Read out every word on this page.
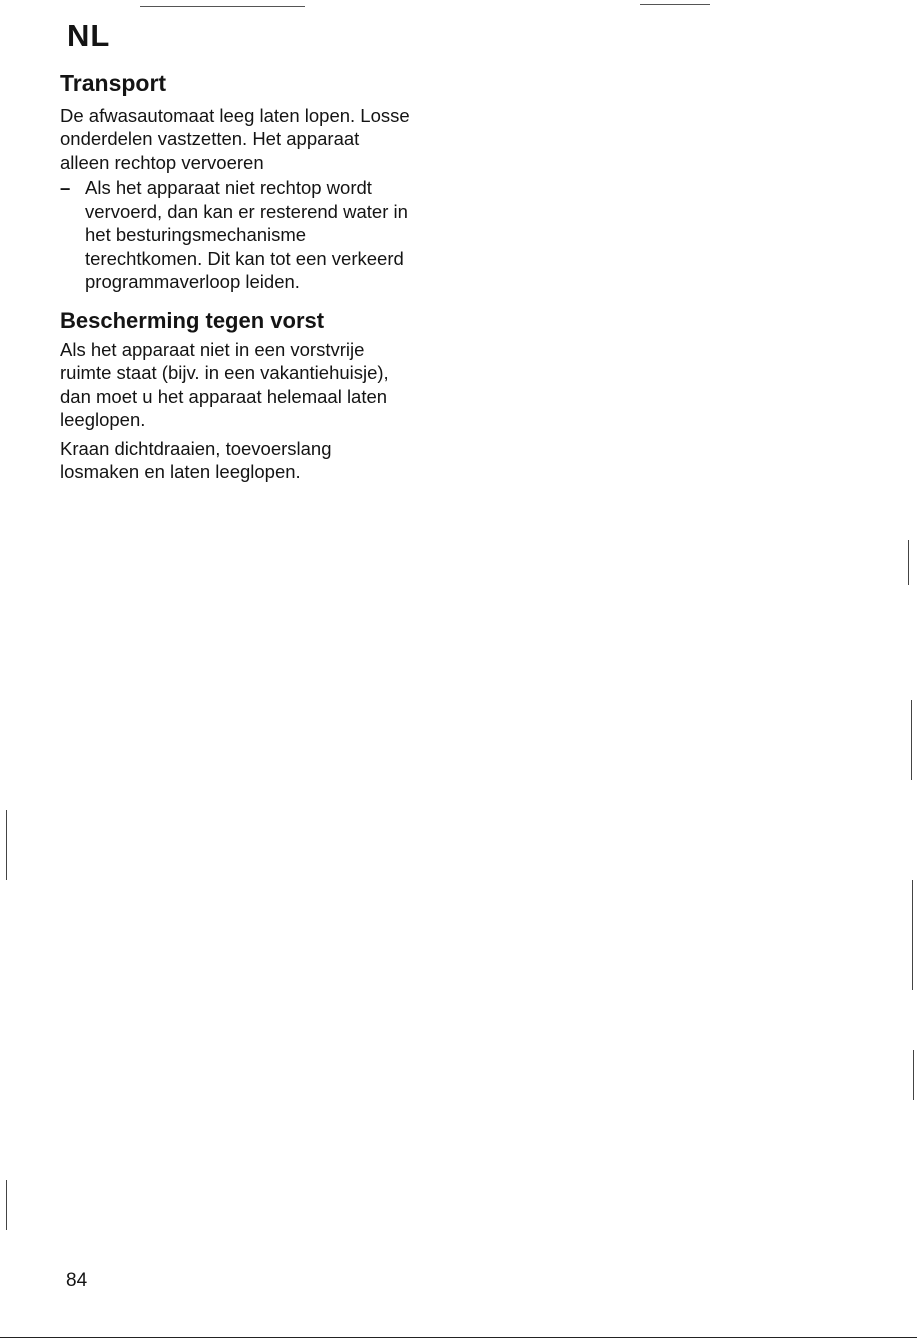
NL
Transport

De afwasautomaat leeg laten lopen. Losse
onderdelen vastzetten. Het apparaat
alleen rechtop vervoeren

– Als het apparaat niet rechtop wordt
vervoerd, dan kan er resterend water in
het besturingsmechanisme
terechtkomen. Dit kan tot een verkeerd
programmaverloop leiden.
Bescherming tegen vorst

Als het apparaat niet in een vorstvrije
ruimte staat (bijv. in een vakantiehuisje),
dan moet u het apparaat helemaal laten
leeglopen.

Kraan dichtdraaien, toevoerslang
losmaken en laten leeglopen.

84
